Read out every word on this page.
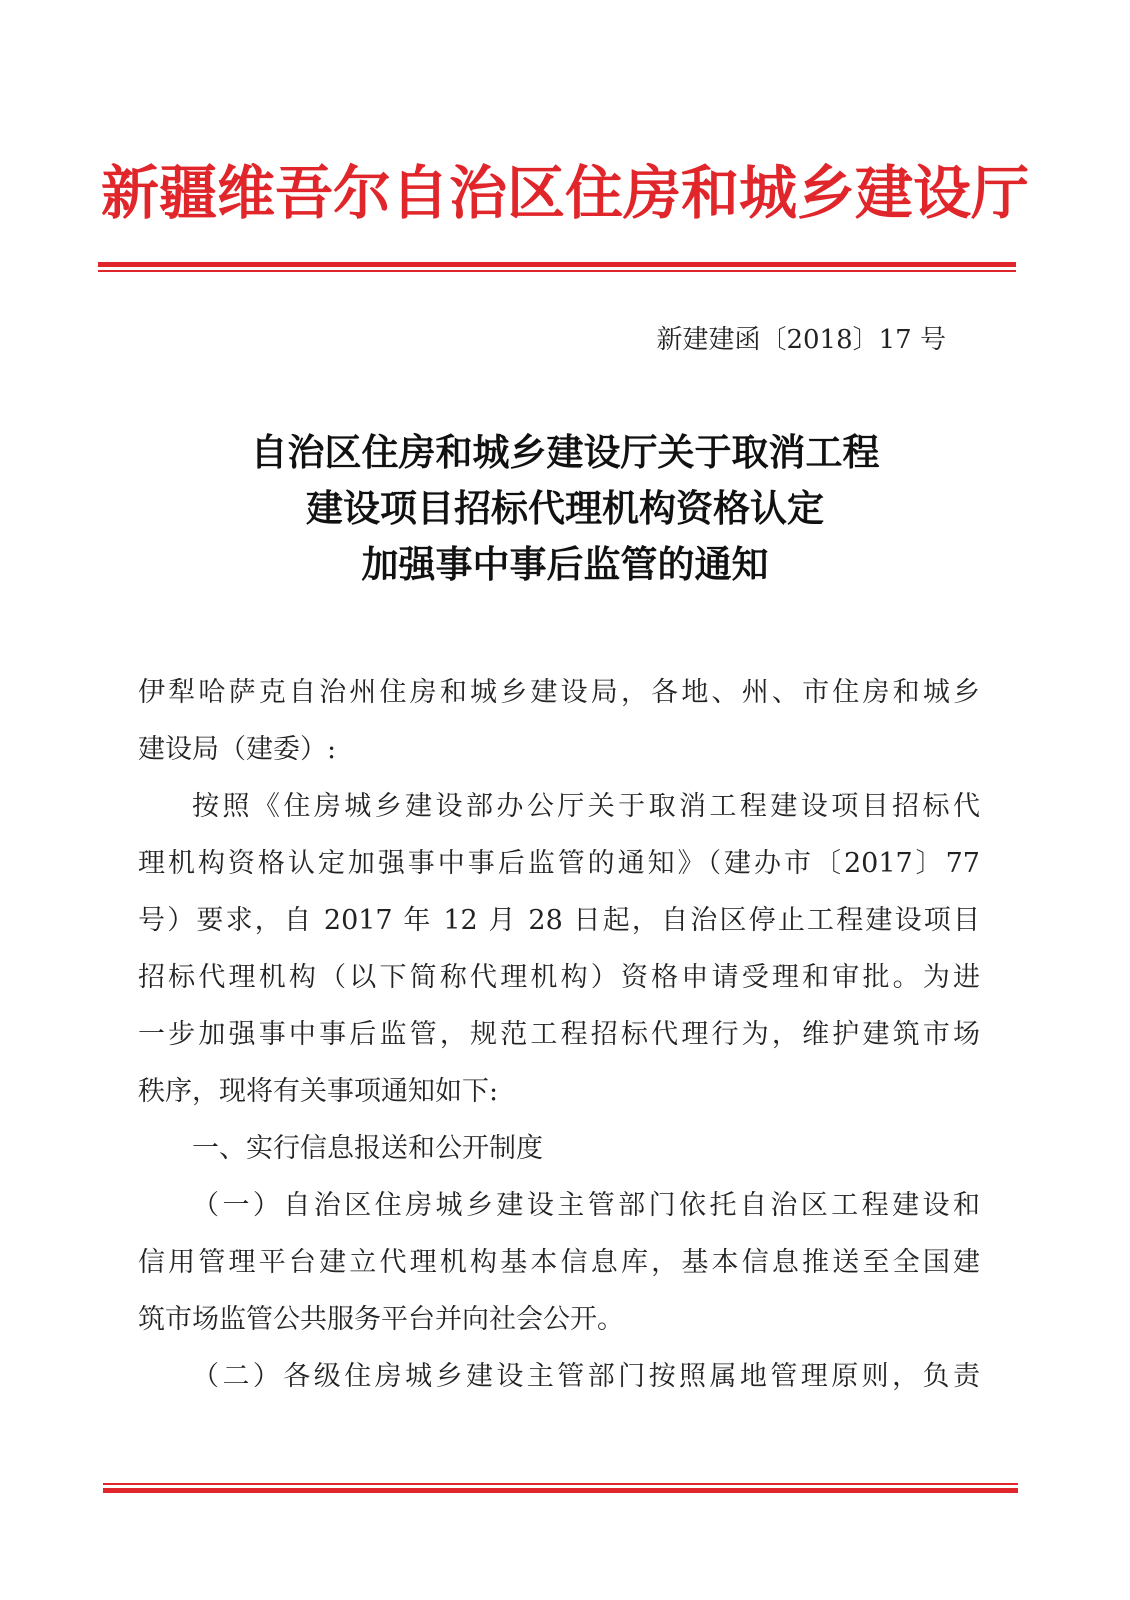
新疆维吾尔自治区住房和城乡建设厅
新建建函〔2018〕17 号
自治区住房和城乡建设厅关于取消工程
建设项目招标代理机构资格认定
加强事中事后监管的通知
伊犁哈萨克自治州住房和城乡建设局，各地、州、市住房和城乡
建设局（建委）:
按照《住房城乡建设部办公厅关于取消工程建设项目招标代
理机构资格认定加强事中事后监管的通知》（建办市〔2017〕77
号）要求，自 2017 年 12 月 28 日起，自治区停止工程建设项目
招标代理机构（以下简称代理机构）资格申请受理和审批。为进
一步加强事中事后监管，规范工程招标代理行为，维护建筑市场
秩序，现将有关事项通知如下:
一、实行信息报送和公开制度
（一）自治区住房城乡建设主管部门依托自治区工程建设和
信用管理平台建立代理机构基本信息库，基本信息推送至全国建
筑市场监管公共服务平台并向社会公开。
（二）各级住房城乡建设主管部门按照属地管理原则，负责
